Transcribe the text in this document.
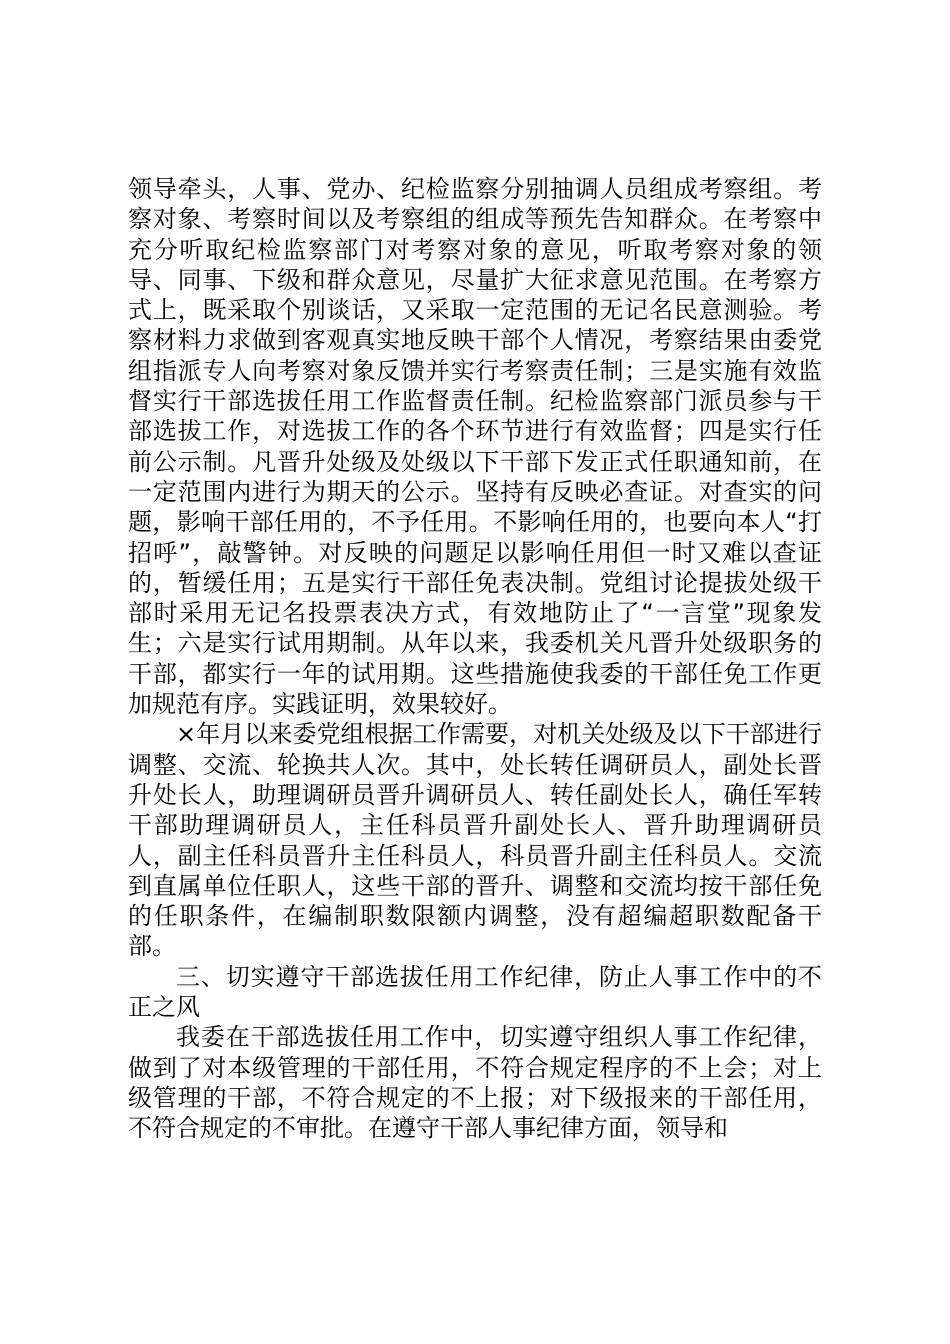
领导牵头，人事、党办、纪检监察分别抽调人员组成考察组。考察对象、考察时间以及考察组的组成等预先告知群众。在考察中充分听取纪检监察部门对考察对象的意见，听取考察对象的领导、同事、下级和群众意见，尽量扩大征求意见范围。在考察方式上，既采取个别谈话，又采取一定范围的无记名民意测验。考察材料力求做到客观真实地反映干部个人情况，考察结果由委党组指派专人向考察对象反馈并实行考察责任制；三是实施有效监督实行干部选拔任用工作监督责任制。纪检监察部门派员参与干部选拔工作，对选拔工作的各个环节进行有效监督；四是实行任前公示制。凡晋升处级及处级以下干部下发正式任职通知前，在一定范围内进行为期天的公示。坚持有反映必查证。对查实的问题，影响干部任用的，不予任用。不影响任用的，也要向本人“打招呼”，敲警钟。对反映的问题足以影响任用但一时又难以查证的，暂缓任用；五是实行干部任免表决制。党组讨论提拔处级干部时采用无记名投票表决方式，有效地防止了“一言堂”现象发生；六是实行试用期制。从年以来，我委机关凡晋升处级职务的干部，都实行一年的试用期。这些措施使我委的干部任免工作更加规范有序。实践证明，效果较好。

×年月以来委党组根据工作需要，对机关处级及以下干部进行调整、交流、轮换共人次。其中，处长转任调研员人，副处长晋升处长人，助理调研员晋升调研员人、转任副处长人，确任军转干部助理调研员人，主任科员晋升副处长人、晋升助理调研员人，副主任科员晋升主任科员人，科员晋升副主任科员人。交流到直属单位任职人，这些干部的晋升、调整和交流均按干部任免的任职条件，在编制职数限额内调整，没有超编超职数配备干部。

三、切实遵守干部选拔任用工作纪律，防止人事工作中的不正之风

我委在干部选拔任用工作中，切实遵守组织人事工作纪律，做到了对本级管理的干部任用，不符合规定程序的不上会；对上级管理的干部，不符合规定的不上报；对下级报来的干部任用，不符合规定的不审批。在遵守干部人事纪律方面，领导和
